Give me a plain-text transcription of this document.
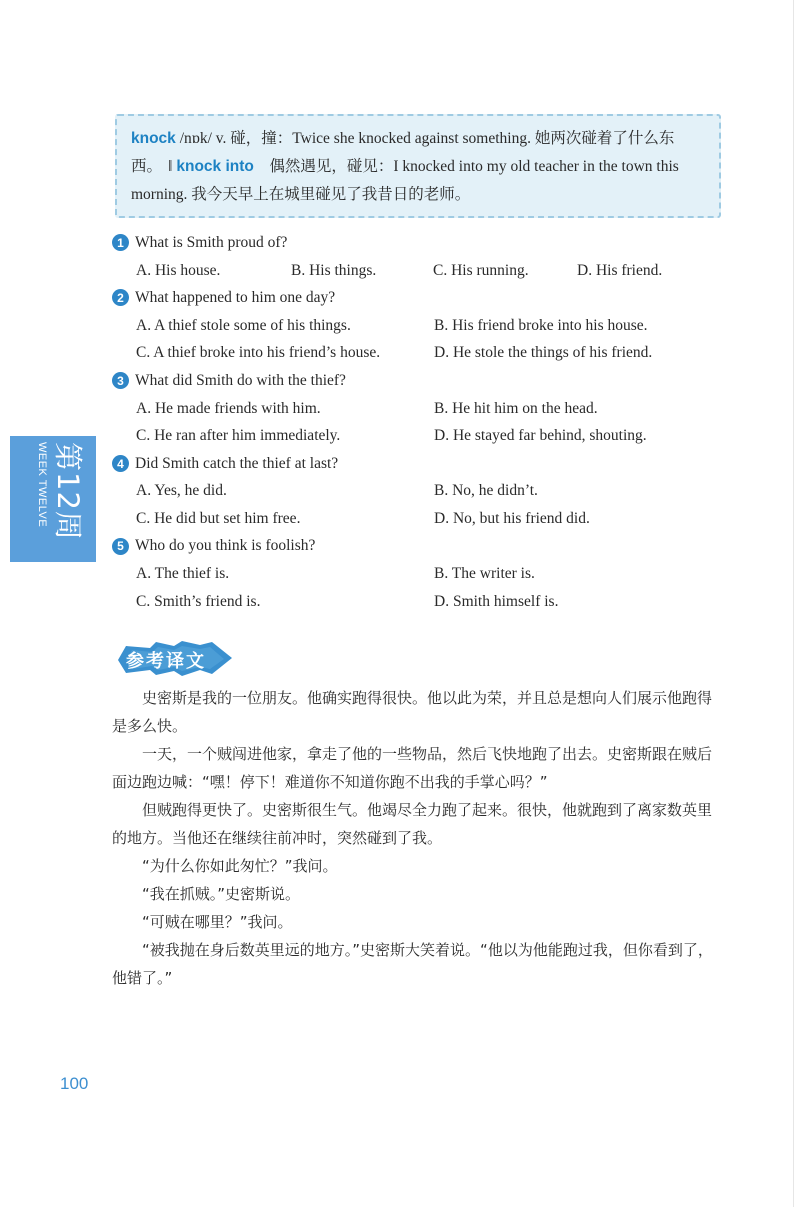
knock /nɒk/ v. 碰，撞：Twice she knocked against something. 她两次碰着了什么东西。 ‖ knock into　偶然遇见，碰见：I knocked into my old teacher in the town this morning. 我今天早上在城里碰见了我昔日的老师。
1 What is Smith proud of?
A. His house.	B. His things.	C. His running.	D. His friend.
2 What happened to him one day?
A. A thief stole some of his things.	B. His friend broke into his house.
C. A thief broke into his friend’s house.	D. He stole the things of his friend.
3 What did Smith do with the thief?
A. He made friends with him.	B. He hit him on the head.
C. He ran after him immediately.	D. He stayed far behind, shouting.
4 Did Smith catch the thief at last?
A. Yes, he did.	B. No, he didn’t.
C. He did but set him free.	D. No, but his friend did.
5 Who do you think is foolish?
A. The thief is.	B. The writer is.
C. Smith’s friend is.	D. Smith himself is.
第12周
WEEK TWELVE
参考译文

史密斯是我的一位朋友。他确实跑得很快。他以此为荣，并且总是想向人们展示他跑得是多么快。

一天，一个贼闯进他家，拿走了他的一些物品，然后飞快地跑了出去。史密斯跟在贼后面边跑边喊：“嘿！停下！难道你不知道你跑不出我的手掌心吗？”

但贼跑得更快了。史密斯很生气。他竭尽全力跑了起来。很快，他就跑到了离家数英里的地方。当他还在继续往前冲时，突然碰到了我。

“为什么你如此匆忙？”我问。

“我在抓贼。”史密斯说。

“可贼在哪里？”我问。

“被我抛在身后数英里远的地方。”史密斯大笑着说。“他以为他能跑过我，但你看到了，他错了。”

100
